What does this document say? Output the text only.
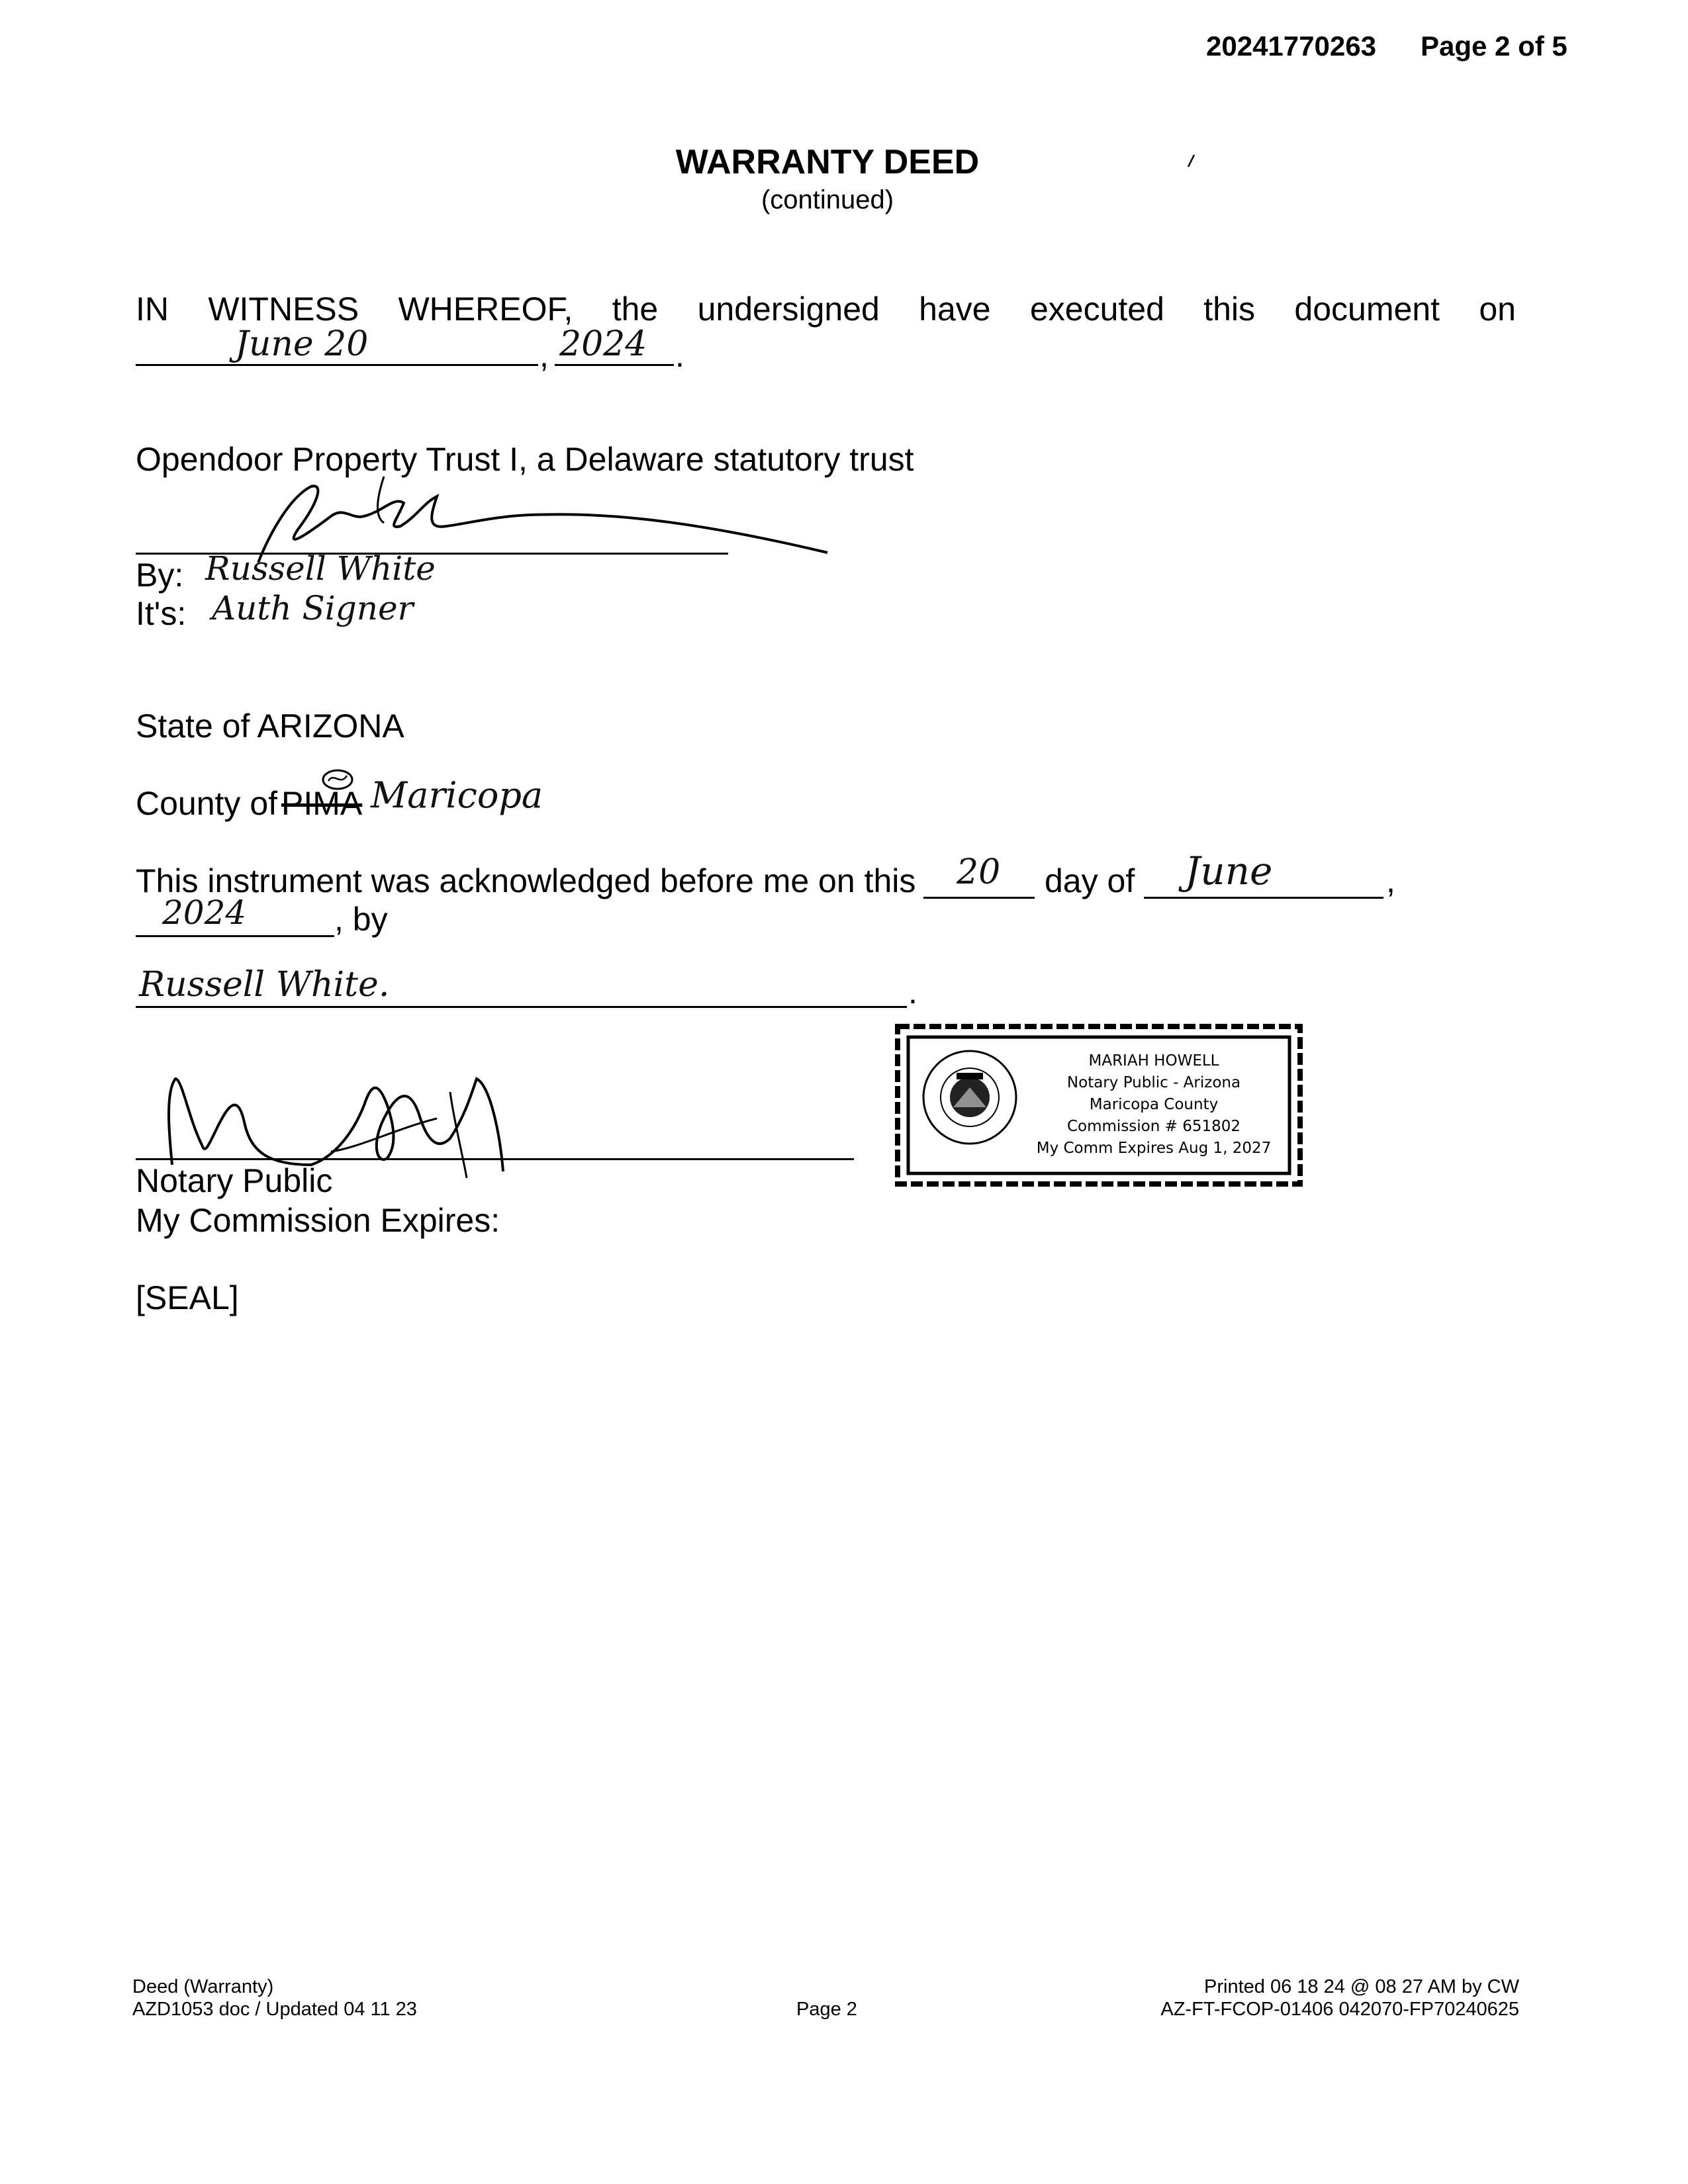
20241770263 Page 2 of 5
WARRANTY DEED
(continued)
IN WITNESS WHEREOF, the undersigned have executed this document on
June 20	, 2024 .
Opendoor Property Trust I, a Delaware statutory trust
By: Russell White
It's: Auth Signer
State of ARIZONA
County of PIMA Maricopa
This instrument was acknowledged before me on this 20 day of June	,
2024	, by
Russell White.	.
Notary Public
My Commission Expires:
[SEAL]
MARIAH HOWELL
Notary Public - Arizona
Maricopa County
Commission # 651802
My Comm Expires Aug 1, 2027
Deed (Warranty)
AZD1053 doc / Updated 04 11 23	Page 2
Printed 06 18 24 @ 08 27 AM by CW
AZ-FT-FCOP-01406 042070-FP70240625
